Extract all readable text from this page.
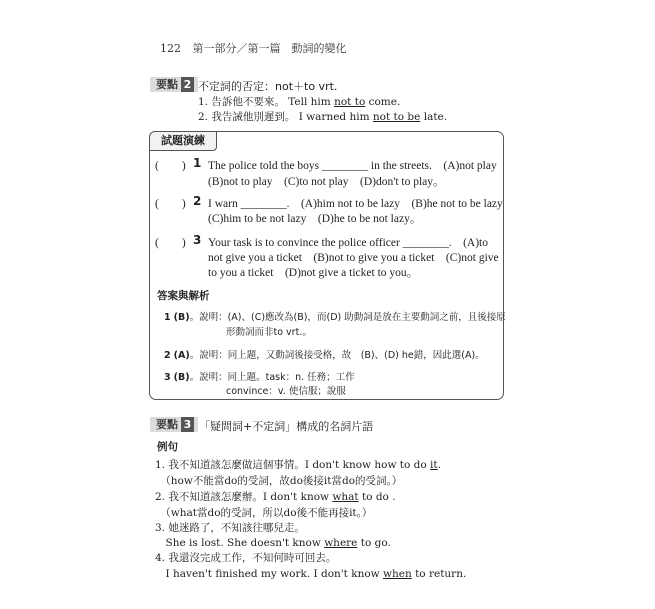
122 第一部分／第一篇　動詞的變化
要點 2 不定詞的否定：not＋to vrt.
1. 告訴他不要來。 Tell him not to come.
2. 我告誡他別遲到。 I warned him not to be late.
試題演練
(　　) 1 The police told the boys ________ in the streets.　(A)not play
(B)not to play　(C)to not play　(D)don't to play。
(　　) 2 I warn ________.　(A)him not to be lazy　(B)he not to be lazy
(C)him to be not lazy　(D)he to be not lazy。
(　　) 3 Your task is to convince the police officer ________.　(A)to
not give you a ticket　(B)not to give you a ticket　(C)not give
to you a ticket　(D)not give a ticket to you。
答案與解析
1 (B)。說明：(A)、(C)應改為(B)，而(D) 助動詞是放在主要動詞之前，且後接原
形動詞而非to vrt.。
2 (A)。說明：同上題，又動詞後接受格，故　(B)、(D) he錯，因此選(A)。
3 (B)。說明：同上題。task：n. 任務；工作
convince：v. 使信服；說服
要點 3 「疑問詞+不定詞」構成的名詞片語
例句
1. 我不知道該怎麼做這個事情。I don't know how to do it.
　（how不能當do的受詞，故do後接it當do的受詞。）
2. 我不知道該怎麼辦。I don't know what to do .
　（what當do的受詞，所以do後不能再接it。）
3. 她迷路了，不知該往哪兒走。
　She is lost. She doesn't know where to go.
4. 我還沒完成工作，不知何時可回去。
　I haven't finished my work. I don't know when to return.
